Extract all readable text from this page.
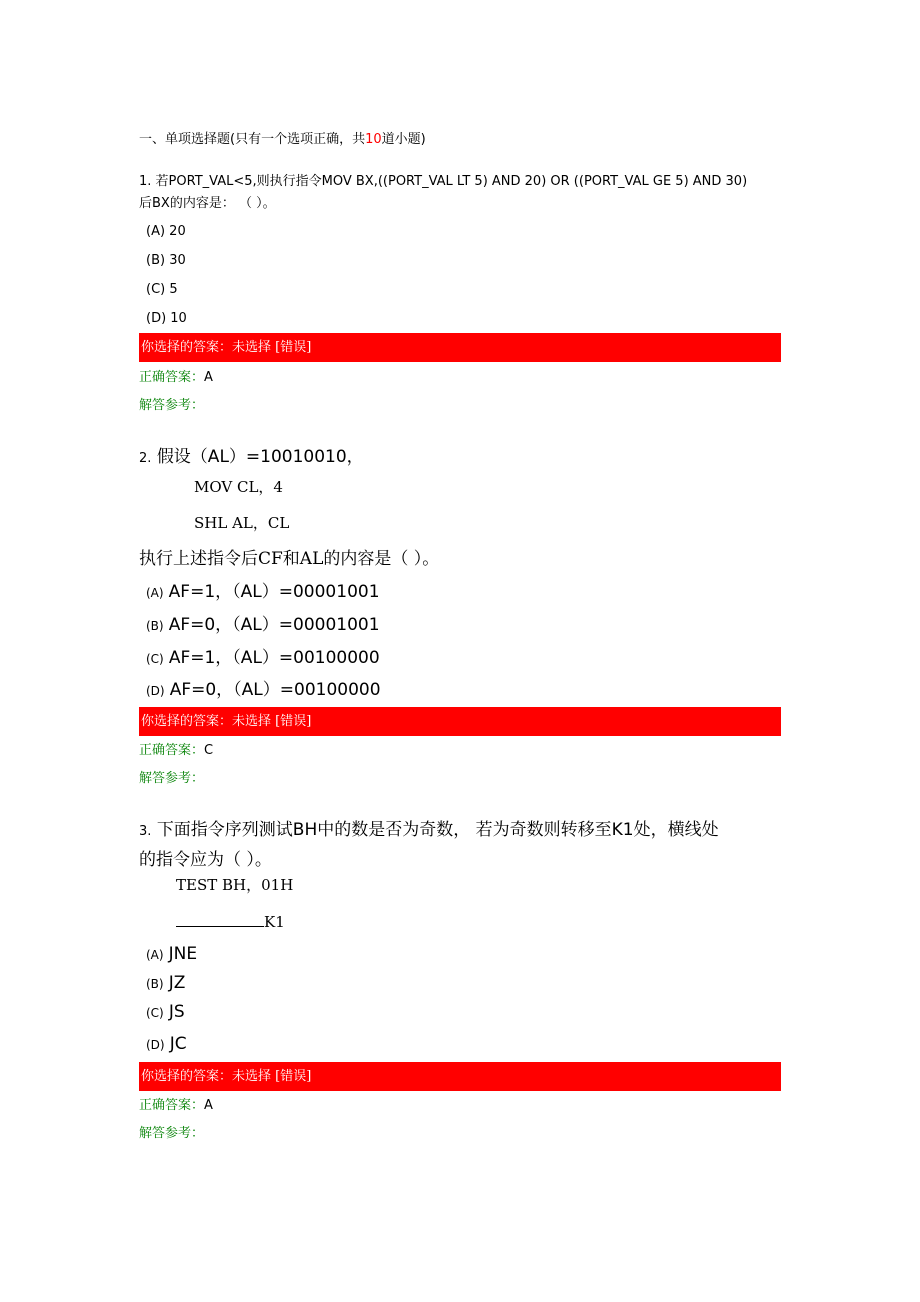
一、单项选择题(只有一个选项正确，共10道小题)
1. 若PORT_VAL<5,则执行指令MOV BX,((PORT_VAL LT 5) AND 20) OR ((PORT_VAL GE 5) AND 30)
后BX的内容是： （ ）。
(A) 20
(B) 30
(C) 5
(D) 10
你选择的答案：未选择 [错误]
正确答案：A
解答参考：
2. 假设（AL）=10010010，
MOV CL，4
SHL AL，CL
执行上述指令后CF和AL的内容是（ ）。
(A) AF=1，（AL）=00001001
(B) AF=0，（AL）=00001001
(C) AF=1，（AL）=00100000
(D) AF=0，（AL）=00100000
你选择的答案：未选择 [错误]
正确答案：C
解答参考：
3. 下面指令序列测试BH中的数是否为奇数， 若为奇数则转移至K1处，横线处
的指令应为（ ）。
TEST BH，01H
K1
(A) JNE
(B) JZ
(C) JS
(D) JC
你选择的答案：未选择 [错误]
正确答案：A
解答参考：
